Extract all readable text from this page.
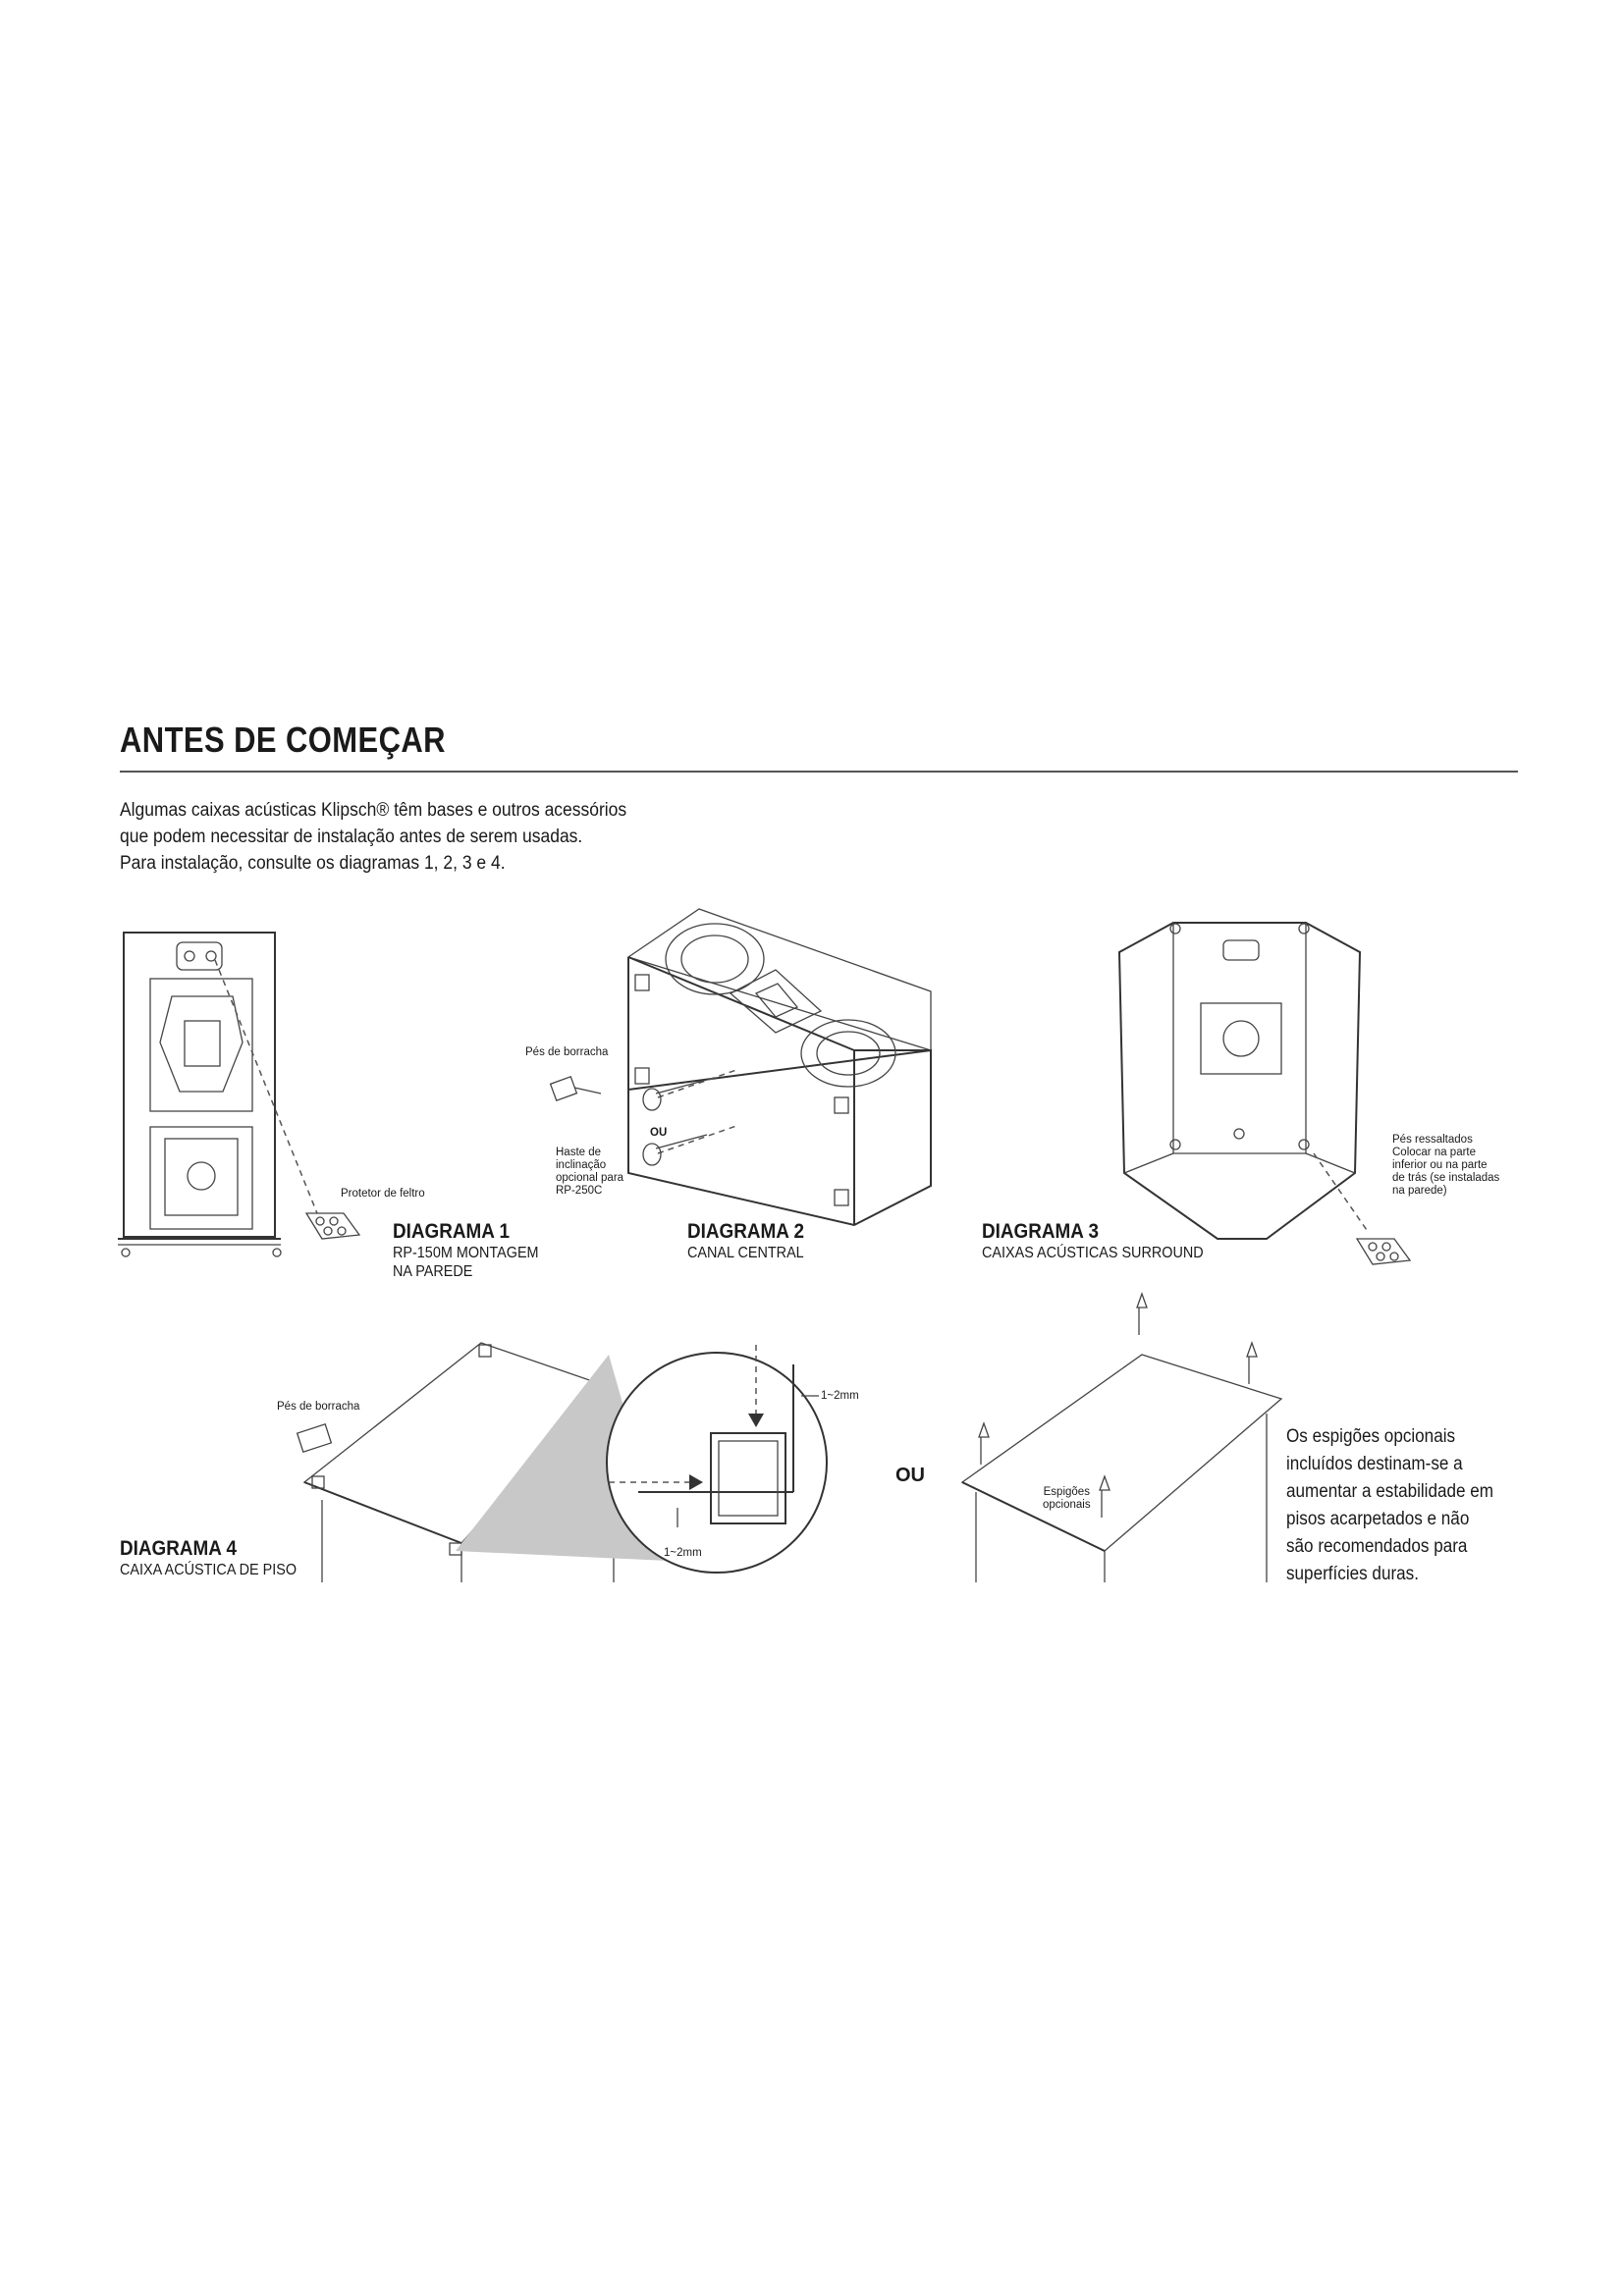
ANTES DE COMEÇAR
Algumas caixas acústicas Klipsch® têm bases e outros acessórios
que podem necessitar de instalação antes de serem usadas.
Para instalação, consulte os diagramas 1, 2, 3 e 4.
Protetor de feltro
DIAGRAMA 1
RP-150M MONTAGEM
NA PAREDE
Pés de borracha
OU
Haste de
inclinação
opcional para
RP-250C
DIAGRAMA 2
CANAL CENTRAL
Pés ressaltados
Colocar na parte
inferior ou na parte
de trás (se instaladas
na parede)
DIAGRAMA 3
CAIXAS ACÚSTICAS SURROUND
Pés de borracha
1~2mm
1~2mm
OU
Espigões
opcionais
DIAGRAMA 4
CAIXA ACÚSTICA DE PISO
Os espigões opcionais
incluídos destinam-se a
aumentar a estabilidade em
pisos acarpetados e não
são recomendados para
superfícies duras.
